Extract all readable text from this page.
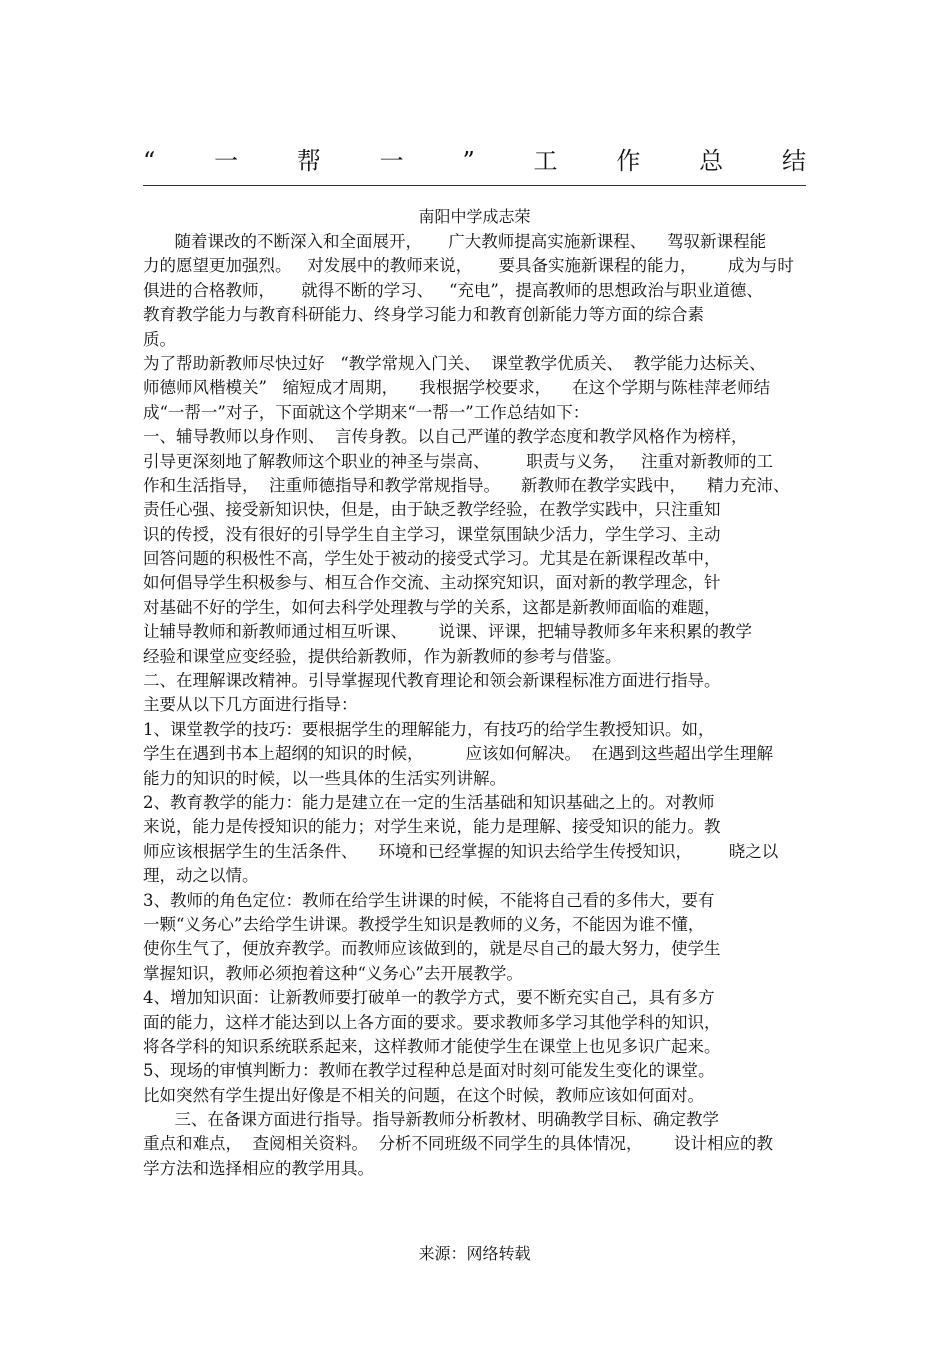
“ 一 帮 一 ” 工 作 总 结
南阳中学成志荣
随着课改的不断深入和全面展开，     广大教师提高实施新课程、    驾驭新课程能
力的愿望更加强烈。   对发展中的教师来说，     要具备实施新课程的能力，      成为与时
俱进的合格教师，     就得不断的学习、   “充电”，提高教师的思想政治与职业道德、
教育教学能力与教育科研能力、终身学习能力和教育创新能力等方面的综合素
质。
为了帮助新教师尽快过好   “教学常规入门关、  课堂教学优质关、  教学能力达标关、
师德师风楷模关”   缩短成才周期，    我根据学校要求，    在这个学期与陈桂萍老师结
成“一帮一”对子，下面就这个学期来“一帮一”工作总结如下：
一、辅导教师以身作则、  言传身教。以自己严谨的教学态度和教学风格作为榜样，
引导更深刻地了解教师这个职业的神圣与崇高、       职责与义务，   注重对新教师的工
作和生活指导，  注重师德指导和教学常规指导。    新教师在教学实践中，    精力充沛、
责任心强、接受新知识快，但是，由于缺乏教学经验，在教学实践中，只注重知
识的传授，没有很好的引导学生自主学习，课堂氛围缺少活力，学生学习、主动
回答问题的积极性不高，学生处于被动的接受式学习。尤其是在新课程改革中，
如何倡导学生积极参与、相互合作交流、主动探究知识，面对新的教学理念，针
对基础不好的学生，如何去科学处理教与学的关系，这都是新教师面临的难题，
让辅导教师和新教师通过相互听课、      说课、评课，把辅导教师多年来积累的教学
经验和课堂应变经验，提供给新教师，作为新教师的参考与借鉴。
二、在理解课改精神。引导掌握现代教育理论和领会新课程标准方面进行指导。
主要从以下几方面进行指导：
1、课堂教学的技巧：要根据学生的理解能力，有技巧的给学生教授知识。如，
学生在遇到书本上超纲的知识的时候，        应该如何解决。  在遇到这些超出学生理解
能力的知识的时候，以一些具体的生活实列讲解。
2、教育教学的能力：能力是建立在一定的生活基础和知识基础之上的。对教师
来说，能力是传授知识的能力；对学生来说，能力是理解、接受知识的能力。教
师应该根据学生的生活条件、    环境和已经掌握的知识去给学生传授知识，       晓之以
理，动之以情。
3、教师的角色定位：教师在给学生讲课的时候，不能将自己看的多伟大，要有
一颗“义务心”去给学生讲课。教授学生知识是教师的义务，不能因为谁不懂，
使你生气了，便放弃教学。而教师应该做到的，就是尽自己的最大努力，使学生
掌握知识，教师必须抱着这种“义务心”去开展教学。
4、增加知识面：让新教师要打破单一的教学方式，要不断充实自己，具有多方
面的能力，这样才能达到以上各方面的要求。要求教师多学习其他学科的知识，
将各学科的知识系统联系起来，这样教师才能使学生在课堂上也见多识广起来。
5、现场的审慎判断力：教师在教学过程种总是面对时刻可能发生变化的课堂。
比如突然有学生提出好像是不相关的问题，在这个时候，教师应该如何面对。
三、在备课方面进行指导。指导新教师分析教材、明确教学目标、确定教学
重点和难点，  查阅相关资料。  分析不同班级不同学生的具体情况，      设计相应的教
学方法和选择相应的教学用具。
来源：网络转载
